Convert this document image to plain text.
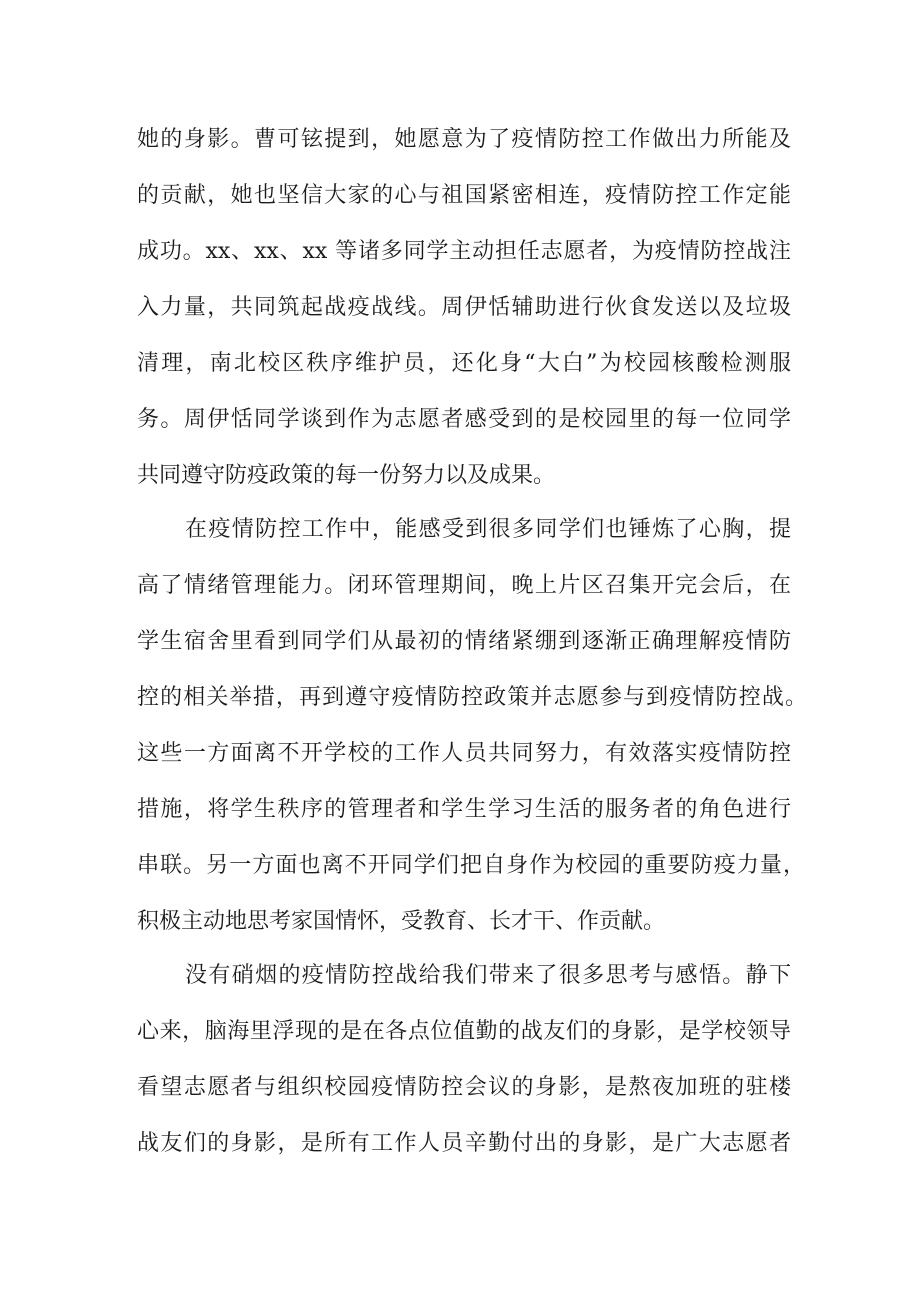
她的身影。曹可铉提到，她愿意为了疫情防控工作做出力所能及
的贡献，她也坚信大家的心与祖国紧密相连，疫情防控工作定能
成功。xx、xx、xx 等诸多同学主动担任志愿者，为疫情防控战注
入力量，共同筑起战疫战线。周伊恬辅助进行伙食发送以及垃圾
清理，南北校区秩序维护员，还化身“大白”为校园核酸检测服
务。周伊恬同学谈到作为志愿者感受到的是校园里的每一位同学
共同遵守防疫政策的每一份努力以及成果。
在疫情防控工作中，能感受到很多同学们也锤炼了心胸，提
高了情绪管理能力。闭环管理期间，晚上片区召集开完会后，在
学生宿舍里看到同学们从最初的情绪紧绷到逐渐正确理解疫情防
控的相关举措，再到遵守疫情防控政策并志愿参与到疫情防控战。
这些一方面离不开学校的工作人员共同努力，有效落实疫情防控
措施，将学生秩序的管理者和学生学习生活的服务者的角色进行
串联。另一方面也离不开同学们把自身作为校园的重要防疫力量，
积极主动地思考家国情怀，受教育、长才干、作贡献。
没有硝烟的疫情防控战给我们带来了很多思考与感悟。静下
心来，脑海里浮现的是在各点位值勤的战友们的身影，是学校领导
看望志愿者与组织校园疫情防控会议的身影，是熬夜加班的驻楼
战友们的身影，是所有工作人员辛勤付出的身影，是广大志愿者
